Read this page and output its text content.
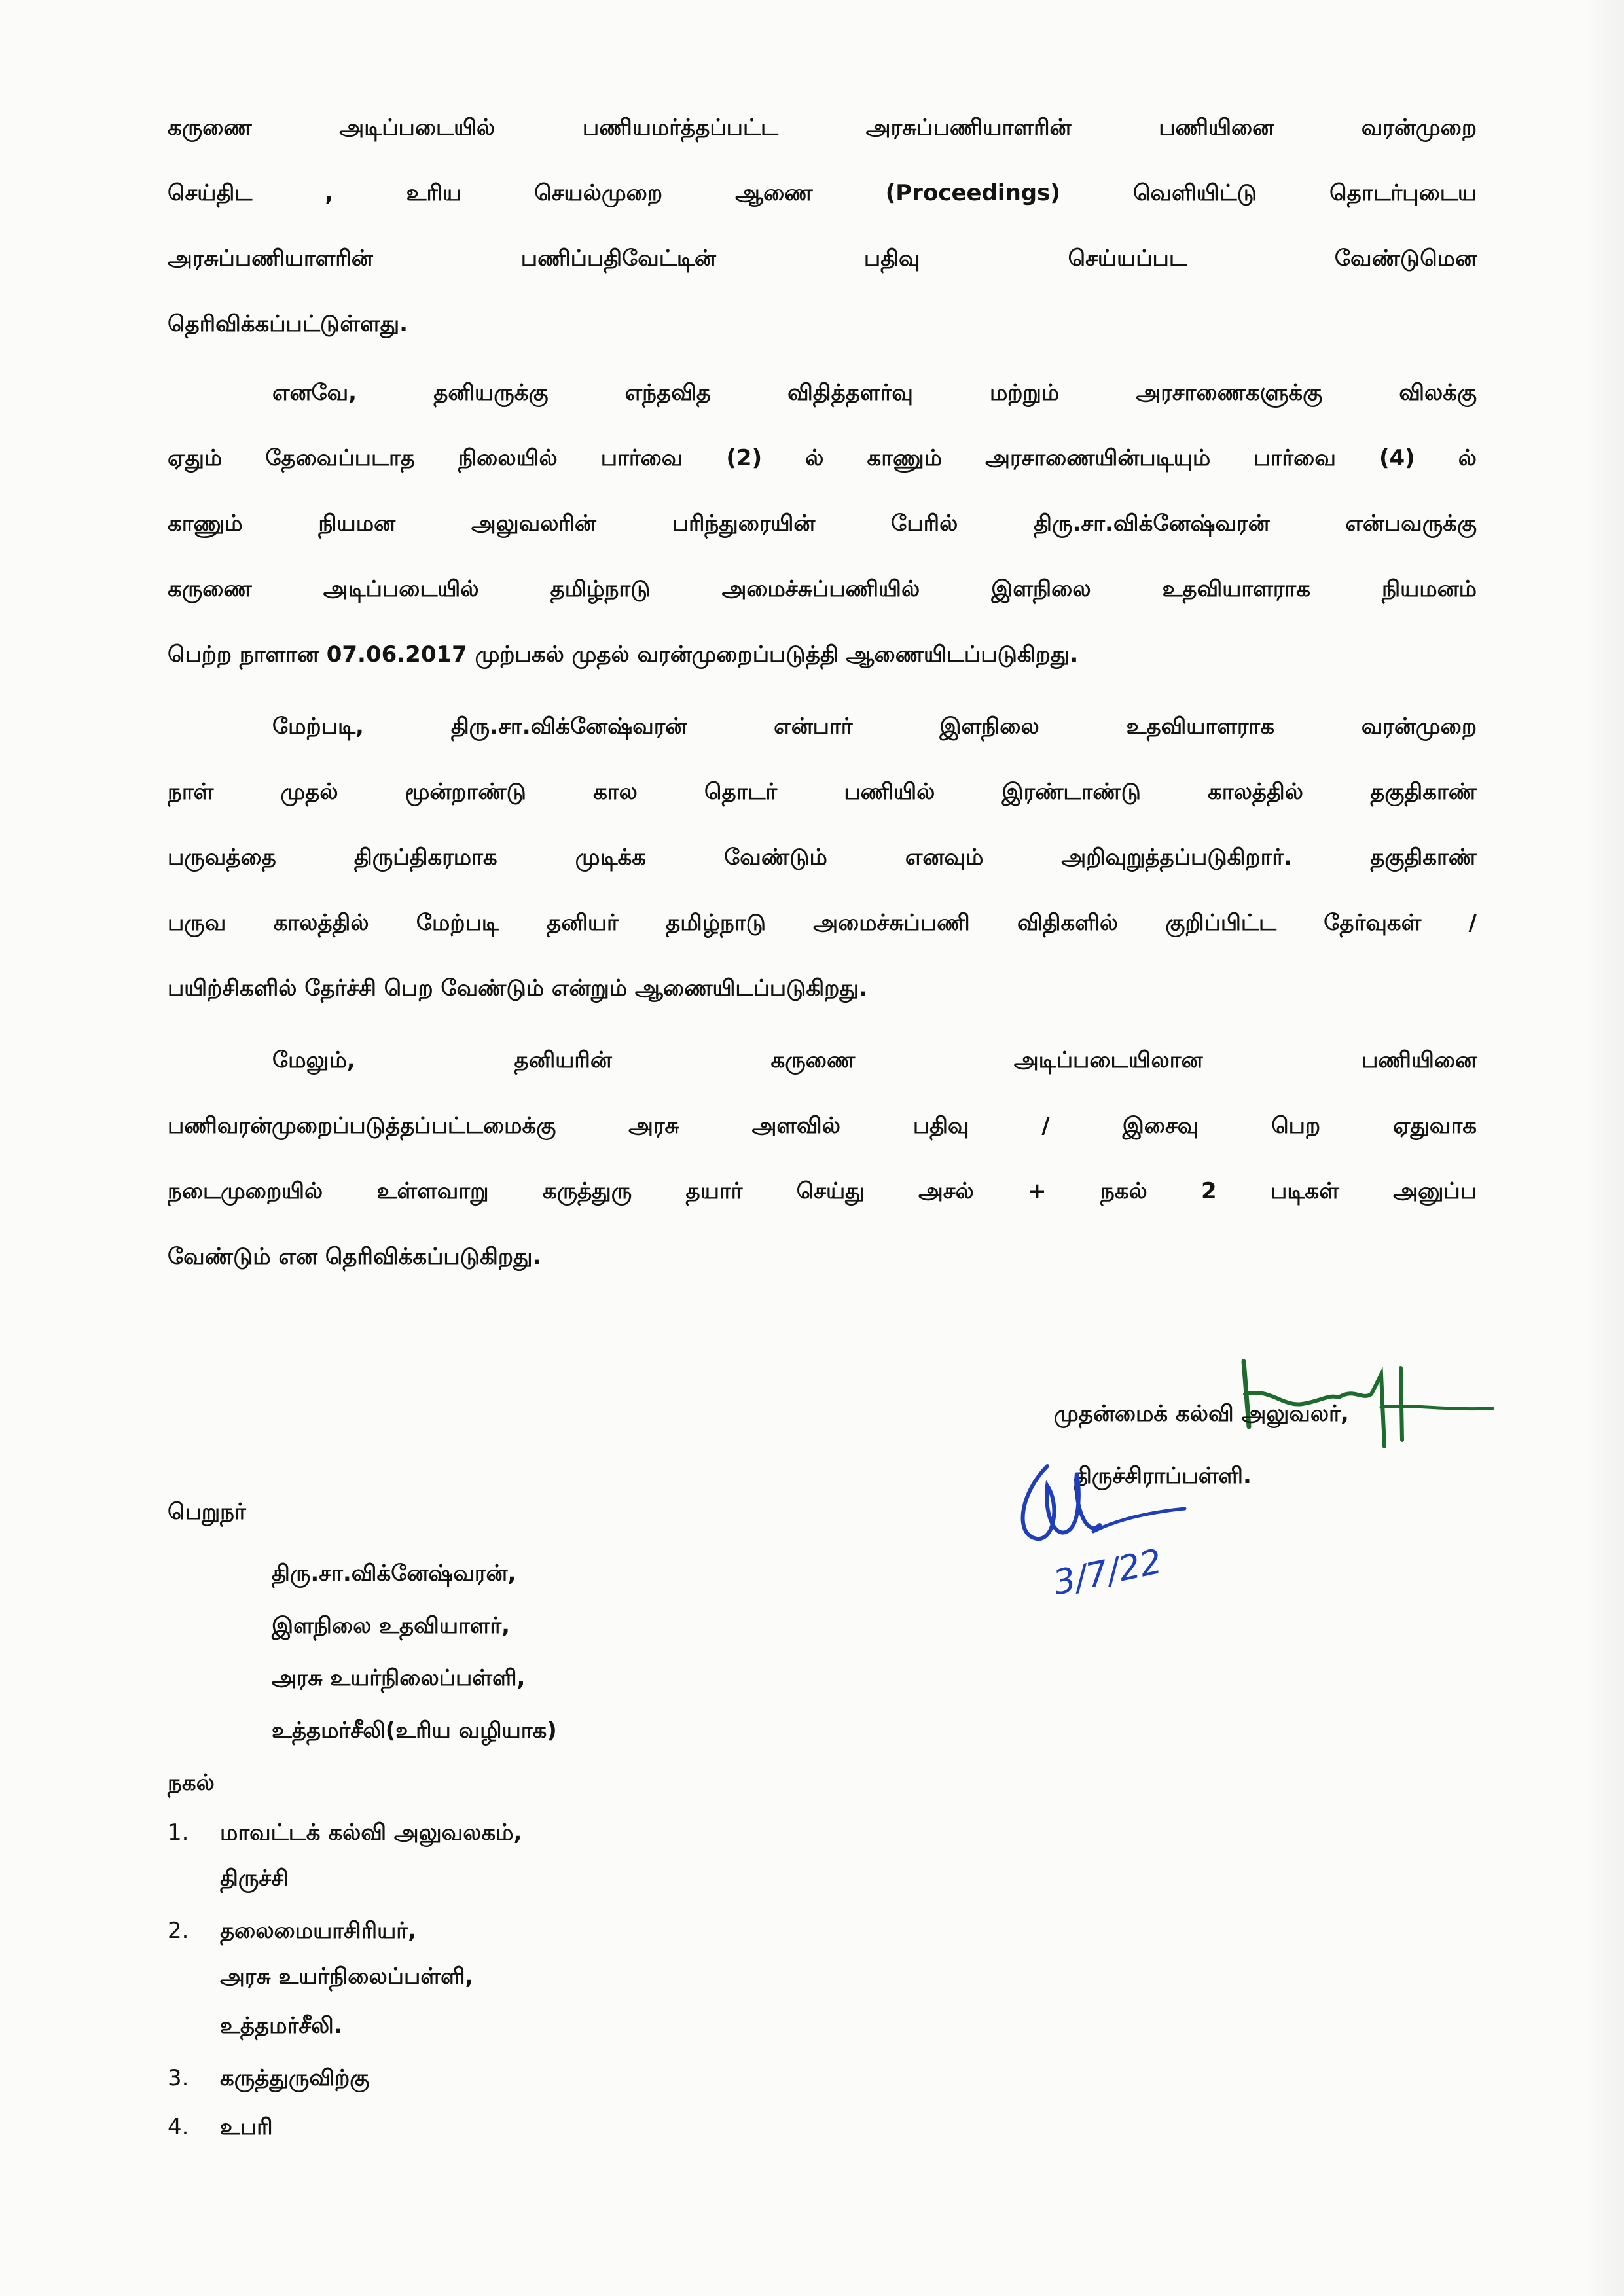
கருணை அடிப்படையில் பணியமர்த்தப்பட்ட அரசுப்பணியாளரின் பணியினை வரன்முறை
செய்திட , உரிய செயல்முறை ஆணை (Proceedings) வெளியிட்டு தொடர்புடைய
அரசுப்பணியாளரின் பணிப்பதிவேட்டின் பதிவு செய்யப்பட வேண்டுமென
தெரிவிக்கப்பட்டுள்ளது.
எனவே, தனியருக்கு எந்தவித விதித்தளர்வு மற்றும் அரசாணைகளுக்கு விலக்கு
ஏதும் தேவைப்படாத நிலையில் பார்வை (2) ல் காணும் அரசாணையின்படியும் பார்வை (4) ல்
காணும் நியமன அலுவலரின் பரிந்துரையின் பேரில் திரு.சா.விக்னேஷ்வரன் என்பவருக்கு
கருணை அடிப்படையில் தமிழ்நாடு அமைச்சுப்பணியில் இளநிலை உதவியாளராக நியமனம்
பெற்ற நாளான 07.06.2017 முற்பகல் முதல் வரன்முறைப்படுத்தி ஆணையிடப்படுகிறது.
மேற்படி, திரு.சா.விக்னேஷ்வரன் என்பார் இளநிலை உதவியாளராக வரன்முறை
நாள் முதல் மூன்றாண்டு கால தொடர் பணியில் இரண்டாண்டு காலத்தில் தகுதிகாண்
பருவத்தை திருப்திகரமாக முடிக்க வேண்டும் எனவும் அறிவுறுத்தப்படுகிறார். தகுதிகாண்
பருவ காலத்தில் மேற்படி தனியர் தமிழ்நாடு அமைச்சுப்பணி விதிகளில் குறிப்பிட்ட தேர்வுகள் /
பயிற்சிகளில் தேர்ச்சி பெற வேண்டும் என்றும் ஆணையிடப்படுகிறது.
மேலும், தனியரின் கருணை அடிப்படையிலான பணியினை
பணிவரன்முறைப்படுத்தப்பட்டமைக்கு அரசு அளவில் பதிவு / இசைவு பெற ஏதுவாக
நடைமுறையில் உள்ளவாறு கருத்துரு தயார் செய்து அசல் + நகல் 2 படிகள் அனுப்ப
வேண்டும் என தெரிவிக்கப்படுகிறது.
முதன்மைக் கல்வி அலுவலர்,
திருச்சிராப்பள்ளி.
3/7/22
பெறுநர்
திரு.சா.விக்னேஷ்வரன்,
இளநிலை உதவியாளர்,
அரசு உயர்நிலைப்பள்ளி,
உத்தமர்சீலி(உரிய வழியாக)
நகல்
1.	மாவட்டக் கல்வி அலுவலகம்,
திருச்சி
2.	தலைமையாசிரியர்,
அரசு உயர்நிலைப்பள்ளி,
உத்தமர்சீலி.
3.	கருத்துருவிற்கு
4.	உபரி
